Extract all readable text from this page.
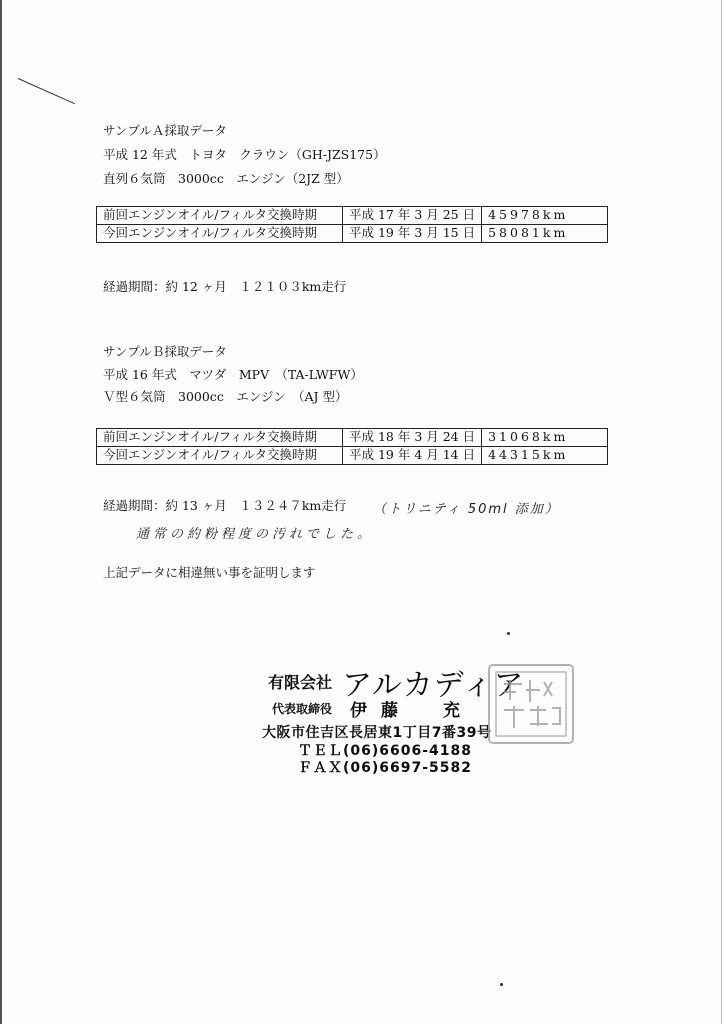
サンプルＡ採取データ
平成 12 年式　トヨタ　クラウン（GH-JZS175）
直列６気筒　3000cc　エンジン（2JZ 型）
前回エンジンオイル/フィルタ交換時期	平成 17 年 3 月 25 日	45978km
今回エンジンオイル/フィルタ交換時期	平成 19 年 3 月 15 日	58081km
経過期間：約 12 ヶ月　１２１０３km走行
サンプルＢ採取データ
平成 16 年式　マツダ　MPV　（TA-LWFW）
Ｖ型６気筒　3000cc　エンジン　（AJ 型）
前回エンジンオイル/フィルタ交換時期	平成 18 年 3 月 24 日	31068km
今回エンジンオイル/フィルタ交換時期	平成 19 年 4 月 14 日	44315km
経過期間：約 13 ヶ月　１３２４７km走行 （トリニティ 50ml 添加）
通常の約粉程度の汚れでした。
上記データに相違無い事を証明します
有限会社 アルカディア
代表取締役 伊藤　充
大阪市住吉区長居東1丁目7番39号
ＴＥＬ(06)6606-4188
ＦＡＸ(06)6697-5582
